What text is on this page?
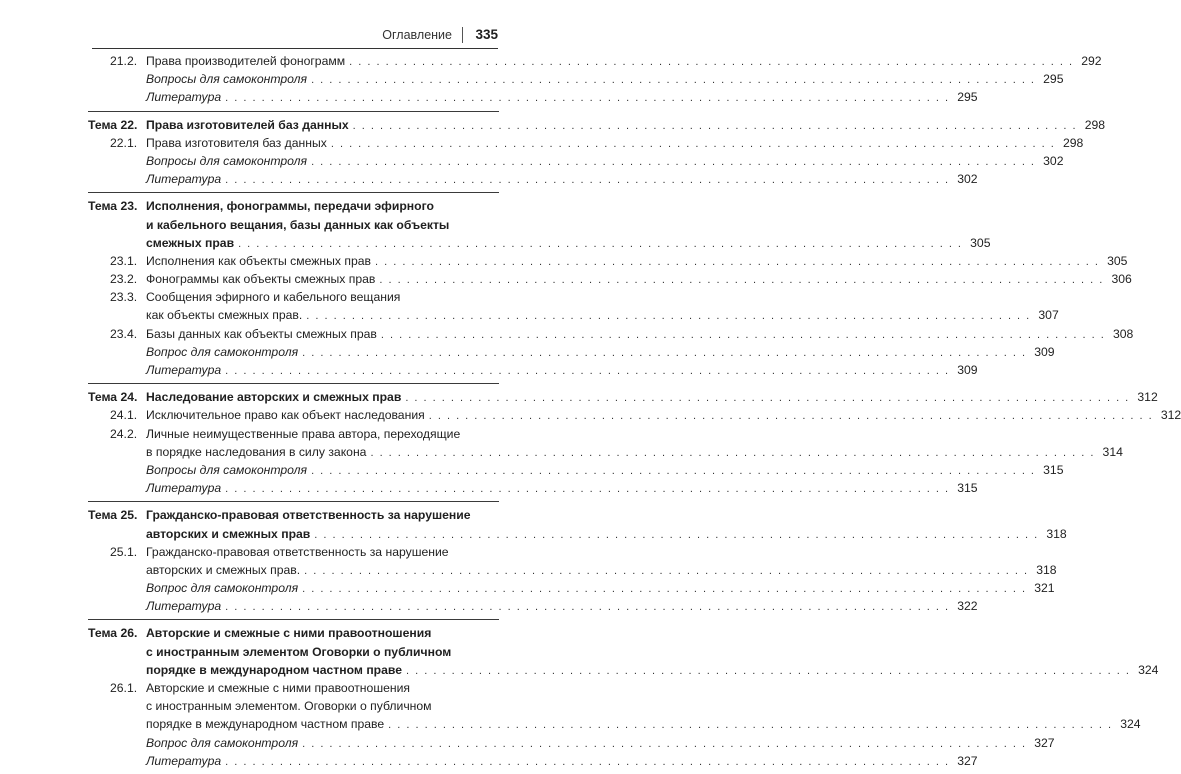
Оглавление 335
21.2. Права производителей фонограмм . . . . . . . . . . . . . . . . . . . . . . . . . . . . . . . . . . . . . . . . . . . . . . . . . . . . . . . . . . . . . . . . . . . . . . . . . . . . . . . . 292
Вопросы для самоконтроля . . . . . . . . . . . . . . . . . . . . . . . . . . . . . . . . . . . . . . . . . . . . . . . . . . . . . . . . . . . . . . . . . . . . . . . . . . . . . . . . 295
Литература . . . . . . . . . . . . . . . . . . . . . . . . . . . . . . . . . . . . . . . . . . . . . . . . . . . . . . . . . . . . . . . . . . . . . . . . . . . . . . . . 295
Тема 22. Права изготовителей баз данных . . . . . . . . . . . . . . . . . . . . . . . . . . . . . . . . . . . . . . . . . . . . . . . . . . . . . . . . . . . . . . . . . . . . . . . . . . . . . . . . 298
22.1. Права изготовителя баз данных . . . . . . . . . . . . . . . . . . . . . . . . . . . . . . . . . . . . . . . . . . . . . . . . . . . . . . . . . . . . . . . . . . . . . . . . . . . . . . . . 298
Вопросы для самоконтроля . . . . . . . . . . . . . . . . . . . . . . . . . . . . . . . . . . . . . . . . . . . . . . . . . . . . . . . . . . . . . . . . . . . . . . . . . . . . . . . . 302
Литература . . . . . . . . . . . . . . . . . . . . . . . . . . . . . . . . . . . . . . . . . . . . . . . . . . . . . . . . . . . . . . . . . . . . . . . . . . . . . . . . 302
Тема 23. Исполнения, фонограммы, передачи эфирного
и кабельного вещания, базы данных как объекты
смежных прав . . . . . . . . . . . . . . . . . . . . . . . . . . . . . . . . . . . . . . . . . . . . . . . . . . . . . . . . . . . . . . . . . . . . . . . . . . . . . . . . 305
23.1. Исполнения как объекты смежных прав . . . . . . . . . . . . . . . . . . . . . . . . . . . . . . . . . . . . . . . . . . . . . . . . . . . . . . . . . . . . . . . . . . . . . . . . . . . . . . . . 305
23.2. Фонограммы как объекты смежных прав . . . . . . . . . . . . . . . . . . . . . . . . . . . . . . . . . . . . . . . . . . . . . . . . . . . . . . . . . . . . . . . . . . . . . . . . . . . . . . . . 306
23.3. Сообщения эфирного и кабельного вещания
как объекты смежных прав. . . . . . . . . . . . . . . . . . . . . . . . . . . . . . . . . . . . . . . . . . . . . . . . . . . . . . . . . . . . . . . . . . . . . . . . . . . . . . . . . 307
23.4. Базы данных как объекты смежных прав . . . . . . . . . . . . . . . . . . . . . . . . . . . . . . . . . . . . . . . . . . . . . . . . . . . . . . . . . . . . . . . . . . . . . . . . . . . . . . . . 308
Вопрос для самоконтроля . . . . . . . . . . . . . . . . . . . . . . . . . . . . . . . . . . . . . . . . . . . . . . . . . . . . . . . . . . . . . . . . . . . . . . . . . . . . . . . . 309
Литература . . . . . . . . . . . . . . . . . . . . . . . . . . . . . . . . . . . . . . . . . . . . . . . . . . . . . . . . . . . . . . . . . . . . . . . . . . . . . . . . 309
Тема 24. Наследование авторских и смежных прав . . . . . . . . . . . . . . . . . . . . . . . . . . . . . . . . . . . . . . . . . . . . . . . . . . . . . . . . . . . . . . . . . . . . . . . . . . . . . . . . 312
24.1. Исключительное право как объект наследования . . . . . . . . . . . . . . . . . . . . . . . . . . . . . . . . . . . . . . . . . . . . . . . . . . . . . . . . . . . . . . . . . . . . . . . . . . . . . . . . 312
24.2. Личные неимущественные права автора, переходящие
в порядке наследования в силу закона . . . . . . . . . . . . . . . . . . . . . . . . . . . . . . . . . . . . . . . . . . . . . . . . . . . . . . . . . . . . . . . . . . . . . . . . . . . . . . . . 314
Вопросы для самоконтроля . . . . . . . . . . . . . . . . . . . . . . . . . . . . . . . . . . . . . . . . . . . . . . . . . . . . . . . . . . . . . . . . . . . . . . . . . . . . . . . . 315
Литература . . . . . . . . . . . . . . . . . . . . . . . . . . . . . . . . . . . . . . . . . . . . . . . . . . . . . . . . . . . . . . . . . . . . . . . . . . . . . . . . 315
Тема 25. Гражданско-правовая ответственность за нарушение
авторских и смежных прав . . . . . . . . . . . . . . . . . . . . . . . . . . . . . . . . . . . . . . . . . . . . . . . . . . . . . . . . . . . . . . . . . . . . . . . . . . . . . . . . 318
25.1. Гражданско-правовая ответственность за нарушение
авторских и смежных прав. . . . . . . . . . . . . . . . . . . . . . . . . . . . . . . . . . . . . . . . . . . . . . . . . . . . . . . . . . . . . . . . . . . . . . . . . . . . . . . . . 318
Вопрос для самоконтроля . . . . . . . . . . . . . . . . . . . . . . . . . . . . . . . . . . . . . . . . . . . . . . . . . . . . . . . . . . . . . . . . . . . . . . . . . . . . . . . . 321
Литература . . . . . . . . . . . . . . . . . . . . . . . . . . . . . . . . . . . . . . . . . . . . . . . . . . . . . . . . . . . . . . . . . . . . . . . . . . . . . . . . 322
Тема 26. Авторские и смежные с ними правоотношения
с иностранным элементом Оговорки о публичном
порядке в международном частном праве . . . . . . . . . . . . . . . . . . . . . . . . . . . . . . . . . . . . . . . . . . . . . . . . . . . . . . . . . . . . . . . . . . . . . . . . . . . . . . . . 324
26.1. Авторские и смежные с ними правоотношения
с иностранным элементом. Оговорки о публичном
порядке в международном частном праве . . . . . . . . . . . . . . . . . . . . . . . . . . . . . . . . . . . . . . . . . . . . . . . . . . . . . . . . . . . . . . . . . . . . . . . . . . . . . . . . 324
Вопрос для самоконтроля . . . . . . . . . . . . . . . . . . . . . . . . . . . . . . . . . . . . . . . . . . . . . . . . . . . . . . . . . . . . . . . . . . . . . . . . . . . . . . . . 327
Литература . . . . . . . . . . . . . . . . . . . . . . . . . . . . . . . . . . . . . . . . . . . . . . . . . . . . . . . . . . . . . . . . . . . . . . . . . . . . . . . . 327
